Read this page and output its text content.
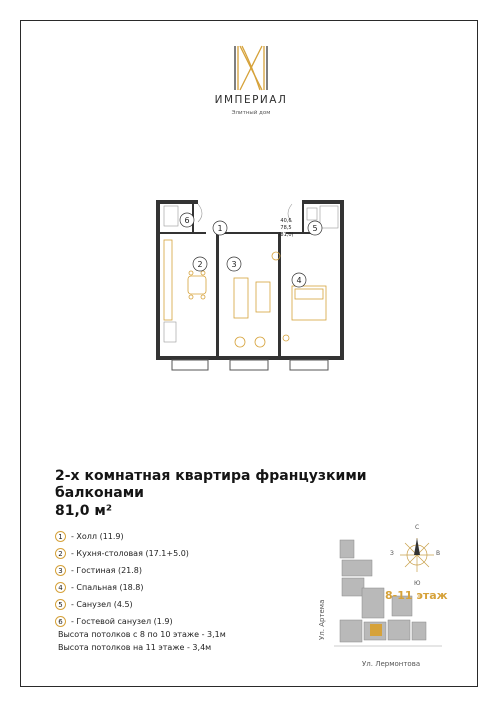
ИМПЕРИАЛ
Элитный дом
6
1
2	3
4
5
40,6
78,5
(81,0)
2-х комнатная квартира французкими балконами
81,0 м²
1	- Холл (11.9)
2	- Кухня-столовая (17.1+5.0)
3	- Гостиная (21.8)
4	- Спальная (18.8)
5	- Санузел (4.5)
6	- Гостевой санузел (1.9)
Высота потолков с 8 по 10 этаже - 3,1м
Высота потолков на 11 этаже - 3,4м
С
Ю
З	В
8-11 этаж
Ул. Артема
Ул. Лермонтова
